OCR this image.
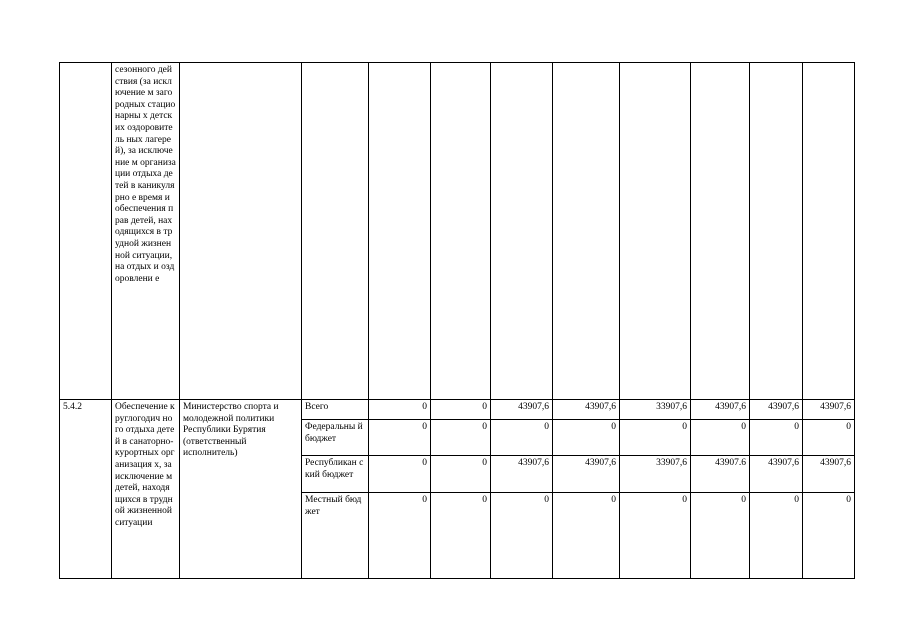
	сезонного действия (за исключение м загородных стационарны х детских оздоровитель ных лагерей), за исключение м организации отдыха детей в каникулярно е время и обеспечения прав детей, находящихся в трудной жизненной ситуации, на отдых и оздоровлени е										
5.4.2	Обеспечение круглогодич ного отдыха детей в санаторно-курортных организация х, за исключение м детей, находящихся в трудной жизненной ситуации	Министерство спорта и молодежной политики Республики Бурятия (ответственный исполнитель)	Всего	0	0	43907,6	43907,6	33907,6	43907,6	43907,6	43907,6
			Федеральны й бюджет	0	0	0	0	0	0	0	0
			Республикан ский бюджет	0	0	43907,6	43907,6	33907,6	43907.6	43907,6	43907,6
			Местный бюджет	0	0	0	0	0	0	0	0
